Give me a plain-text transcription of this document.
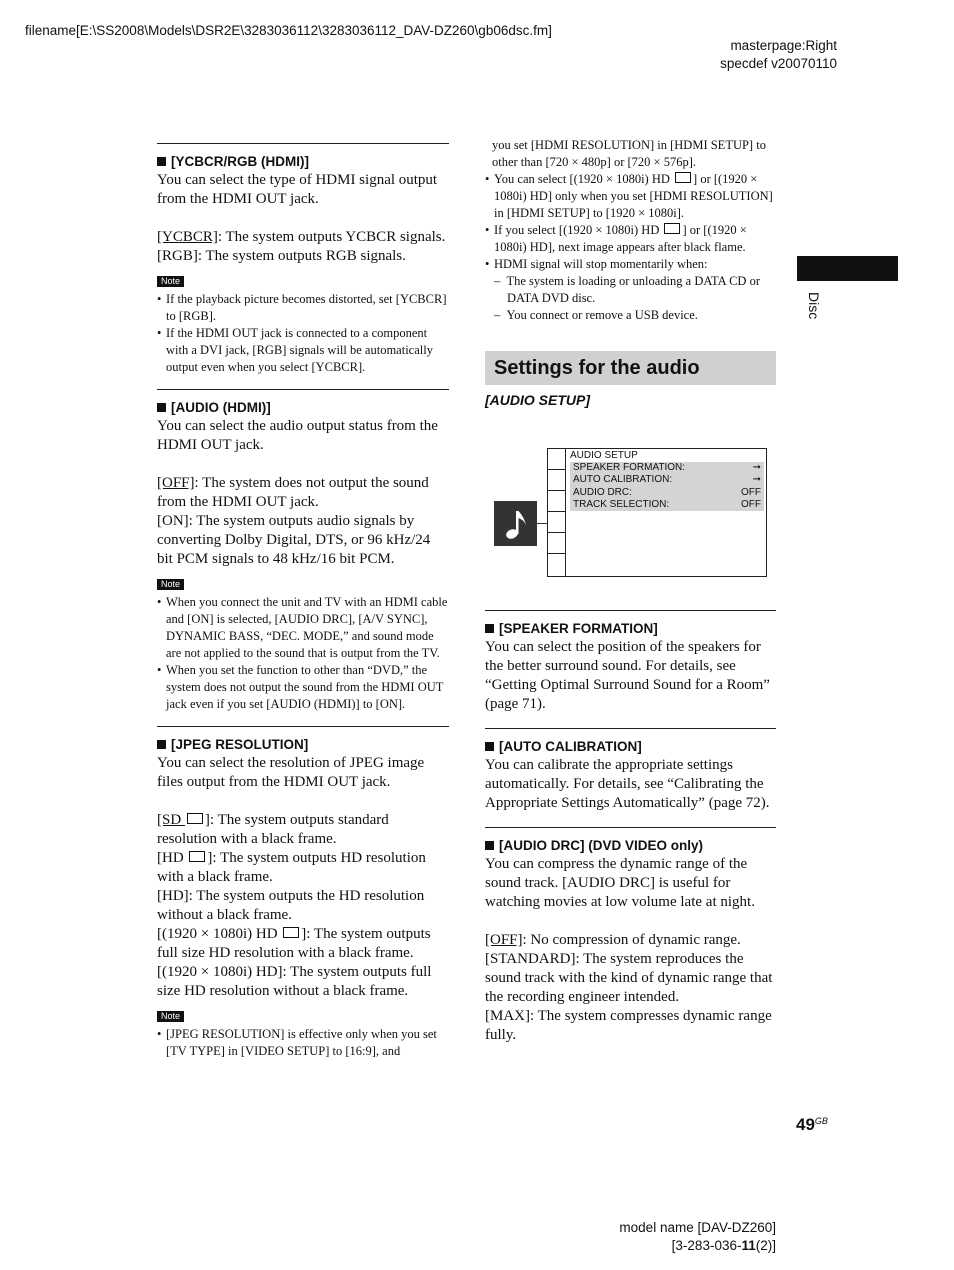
filename[E:\SS2008\Models\DSR2E\3283036112\3283036112_DAV-DZ260\gb06dsc.fm]
masterpage:Right
specdef v20070110
Disc
[YCBCR/RGB (HDMI)]

You can select the type of HDMI signal output from the HDMI OUT jack.

[YCBCR]: The system outputs YCBCR signals.

[RGB]: The system outputs RGB signals.

Note
• If the playback picture becomes distorted, set [YCBCR] to [RGB].
• If the HDMI OUT jack is connected to a component with a DVI jack, [RGB] signals will be automatically output even when you select [YCBCR].
[AUDIO (HDMI)]

You can select the audio output status from the HDMI OUT jack.

[OFF]: The system does not output the sound from the HDMI OUT jack.

[ON]: The system outputs audio signals by converting Dolby Digital, DTS, or 96 kHz/24 bit PCM signals to 48 kHz/16 bit PCM.

Note
• When you connect the unit and TV with an HDMI cable and [ON] is selected, [AUDIO DRC], [A/V SYNC], DYNAMIC BASS, “DEC. MODE,” and sound mode are not applied to the sound that is output from the TV.
• When you set the function to other than “DVD,” the system does not output the sound from the HDMI OUT jack even if you set [AUDIO (HDMI)] to [ON].
[JPEG RESOLUTION]

You can select the resolution of JPEG image files output from the HDMI OUT jack.

[SD ]: The system outputs standard resolution with a black frame.

[HD ]: The system outputs HD resolution with a black frame.

[HD]: The system outputs the HD resolution without a black frame.

[(1920 × 1080i) HD ]: The system outputs full size HD resolution with a black frame.

[(1920 × 1080i) HD]: The system outputs full size HD resolution without a black frame.

Note
• [JPEG RESOLUTION] is effective only when you set [TV TYPE] in [VIDEO SETUP] to [16:9], and
you set [HDMI RESOLUTION] in [HDMI SETUP] to other than [720 × 480p] or [720 × 576p].
• You can select [(1920 × 1080i) HD ] or [(1920 × 1080i) HD] only when you set [HDMI RESOLUTION] in [HDMI SETUP] to [1920 × 1080i].
• If you select [(1920 × 1080i) HD ] or [(1920 × 1080i) HD], next image appears after black flame.
• HDMI signal will stop momentarily when:
–  The system is loading or unloading a DATA CD or DATA DVD disc.
–  You connect or remove a USB device.
Settings for the audio
[AUDIO SETUP]
AUDIO SETUP
SPEAKER FORMATION:	➞
AUTO CALIBRATION:	➞
AUDIO DRC:	OFF
TRACK SELECTION:	OFF
[SPEAKER FORMATION]
You can select the position of the speakers for the better surround sound. For details, see “Getting Optimal Surround Sound for a Room” (page 71).
[AUTO CALIBRATION]
You can calibrate the appropriate settings automatically. For details, see “Calibrating the Appropriate Settings Automatically” (page 72).
[AUDIO DRC] (DVD VIDEO only)

You can compress the dynamic range of the sound track. [AUDIO DRC] is useful for watching movies at low volume late at night.

[OFF]: No compression of dynamic range.

[STANDARD]: The system reproduces the sound track with the kind of dynamic range that the recording engineer intended.

[MAX]: The system compresses dynamic range fully.

$49^{GB}$
model name [DAV-DZ260]
[3-283-036-11(2)]
